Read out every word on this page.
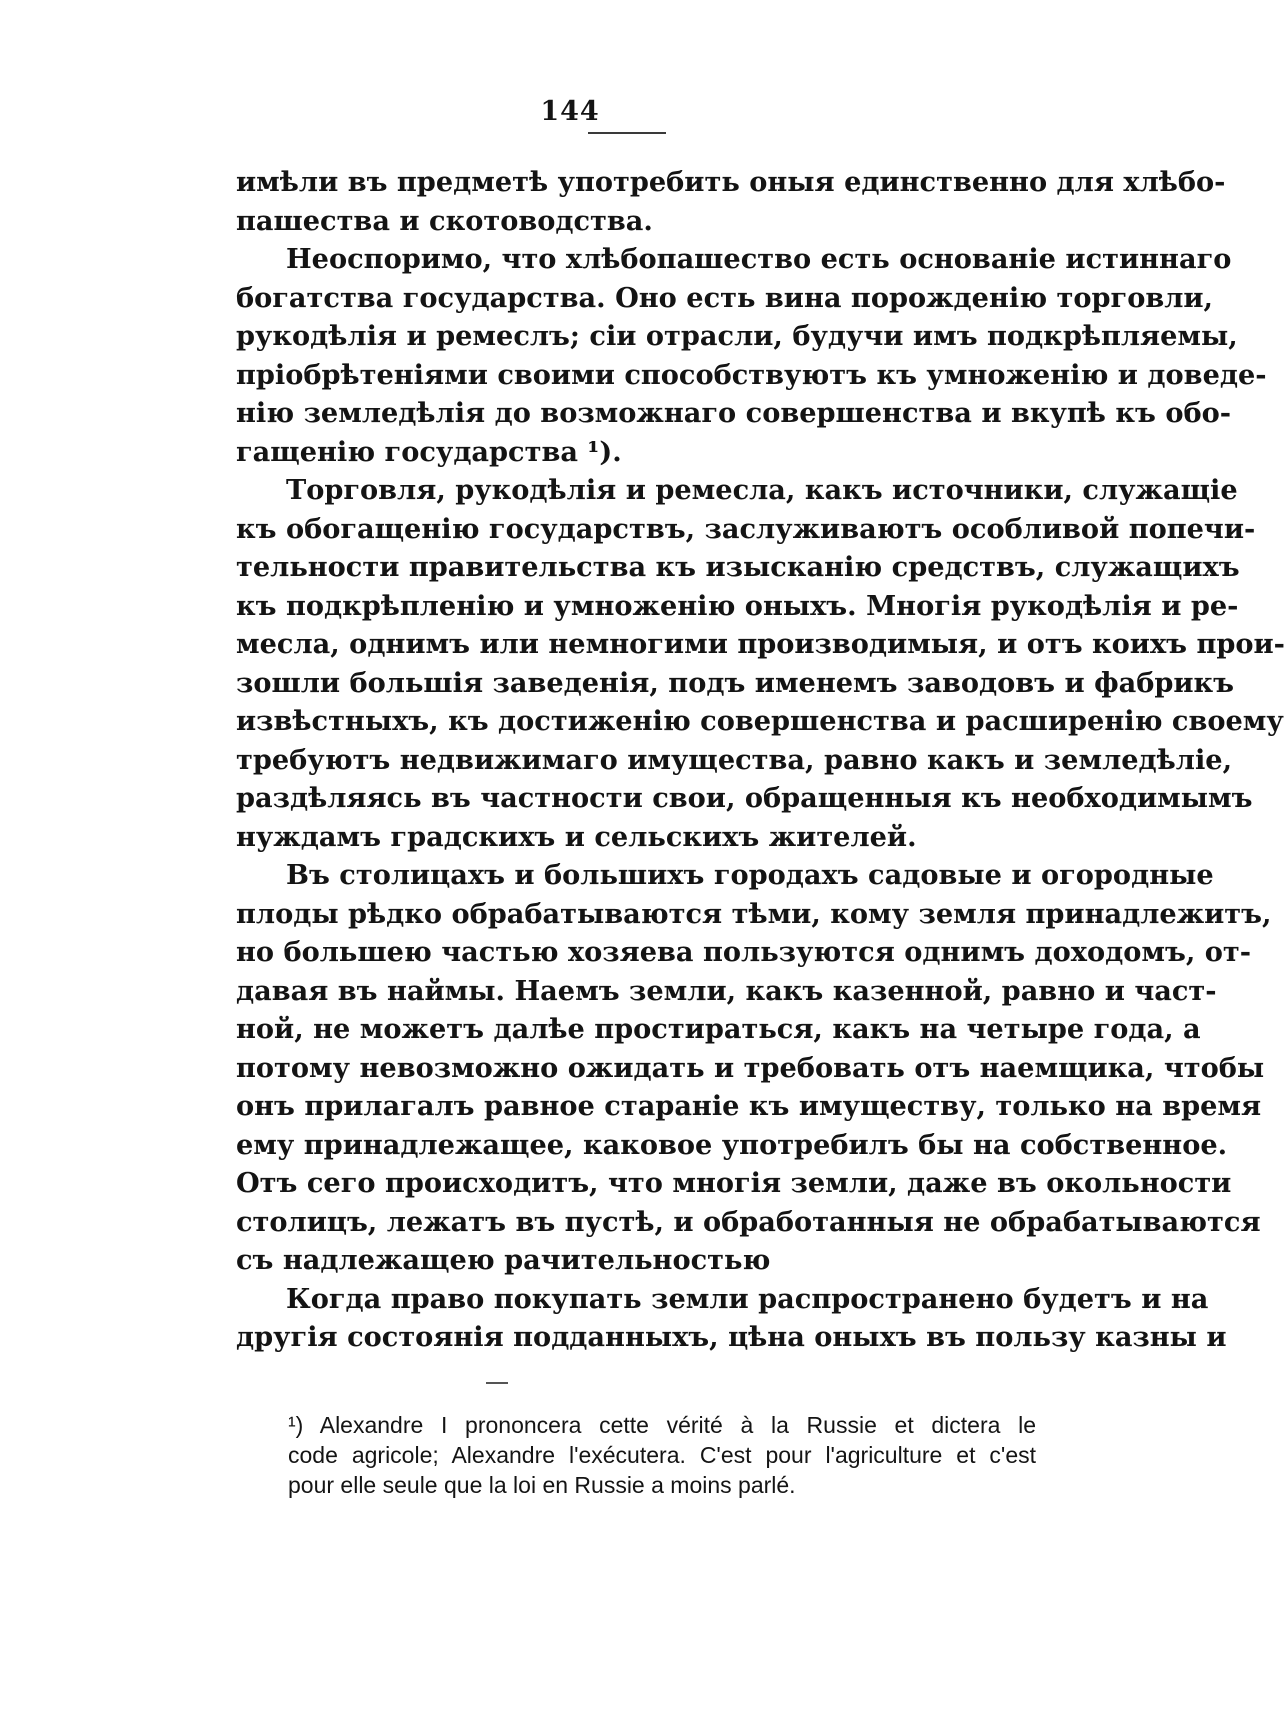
144
имѣли въ предметѣ употребить оныя единственно для хлѣбо-
пашества и скотоводства.
Неоспоримо, что хлѣбопашество есть основаніе истиннаго
богатства государства. Оно есть вина порожденію торговли,
рукодѣлія и ремеслъ; сіи отрасли, будучи имъ подкрѣпляемы,
пріобрѣтеніями своими способствуютъ къ умноженію и доведе-
нію земледѣлія до возможнаго совершенства и вкупѣ къ обо-
гащенію государства ¹).
Торговля, рукодѣлія и ремесла, какъ источники, служащіе
къ обогащенію государствъ, заслуживаютъ особливой попечи-
тельности правительства къ изысканію средствъ, служащихъ
къ подкрѣпленію и умноженію оныхъ. Многія рукодѣлія и ре-
месла, однимъ или немногими производимыя, и отъ коихъ прои-
зошли большія заведенія, подъ именемъ заводовъ и фабрикъ
извѣстныхъ, къ достиженію совершенства и расширенію своему
требуютъ недвижимаго имущества, равно какъ и земледѣліе,
раздѣляясь въ частности свои, обращенныя къ необходимымъ
нуждамъ градскихъ и сельскихъ жителей.
Въ столицахъ и большихъ городахъ садовые и огородные
плоды рѣдко обрабатываются тѣми, кому земля принадлежитъ,
но большею частью хозяева пользуются однимъ доходомъ, от-
давая въ наймы. Наемъ земли, какъ казенной, равно и част-
ной, не можетъ далѣе простираться, какъ на четыре года, а
потому невозможно ожидать и требовать отъ наемщика, чтобы
онъ прилагалъ равное стараніе къ имуществу, только на время
ему принадлежащее, каковое употребилъ бы на собственное.
Отъ сего происходитъ, что многія земли, даже въ окольности
столицъ, лежатъ въ пустѣ, и обработанныя не обрабатываются
съ надлежащею рачительностью
Когда право покупать земли распространено будетъ и на
другія состоянія подданныхъ, цѣна оныхъ въ пользу казны и
¹) Alexandre I prononcera cette vérité à la Russie et dictera le
code agricole; Alexandre l'exécutera. C'est pour l'agriculture et c'est
pour elle seule que la loi en Russie a moins parlé.
